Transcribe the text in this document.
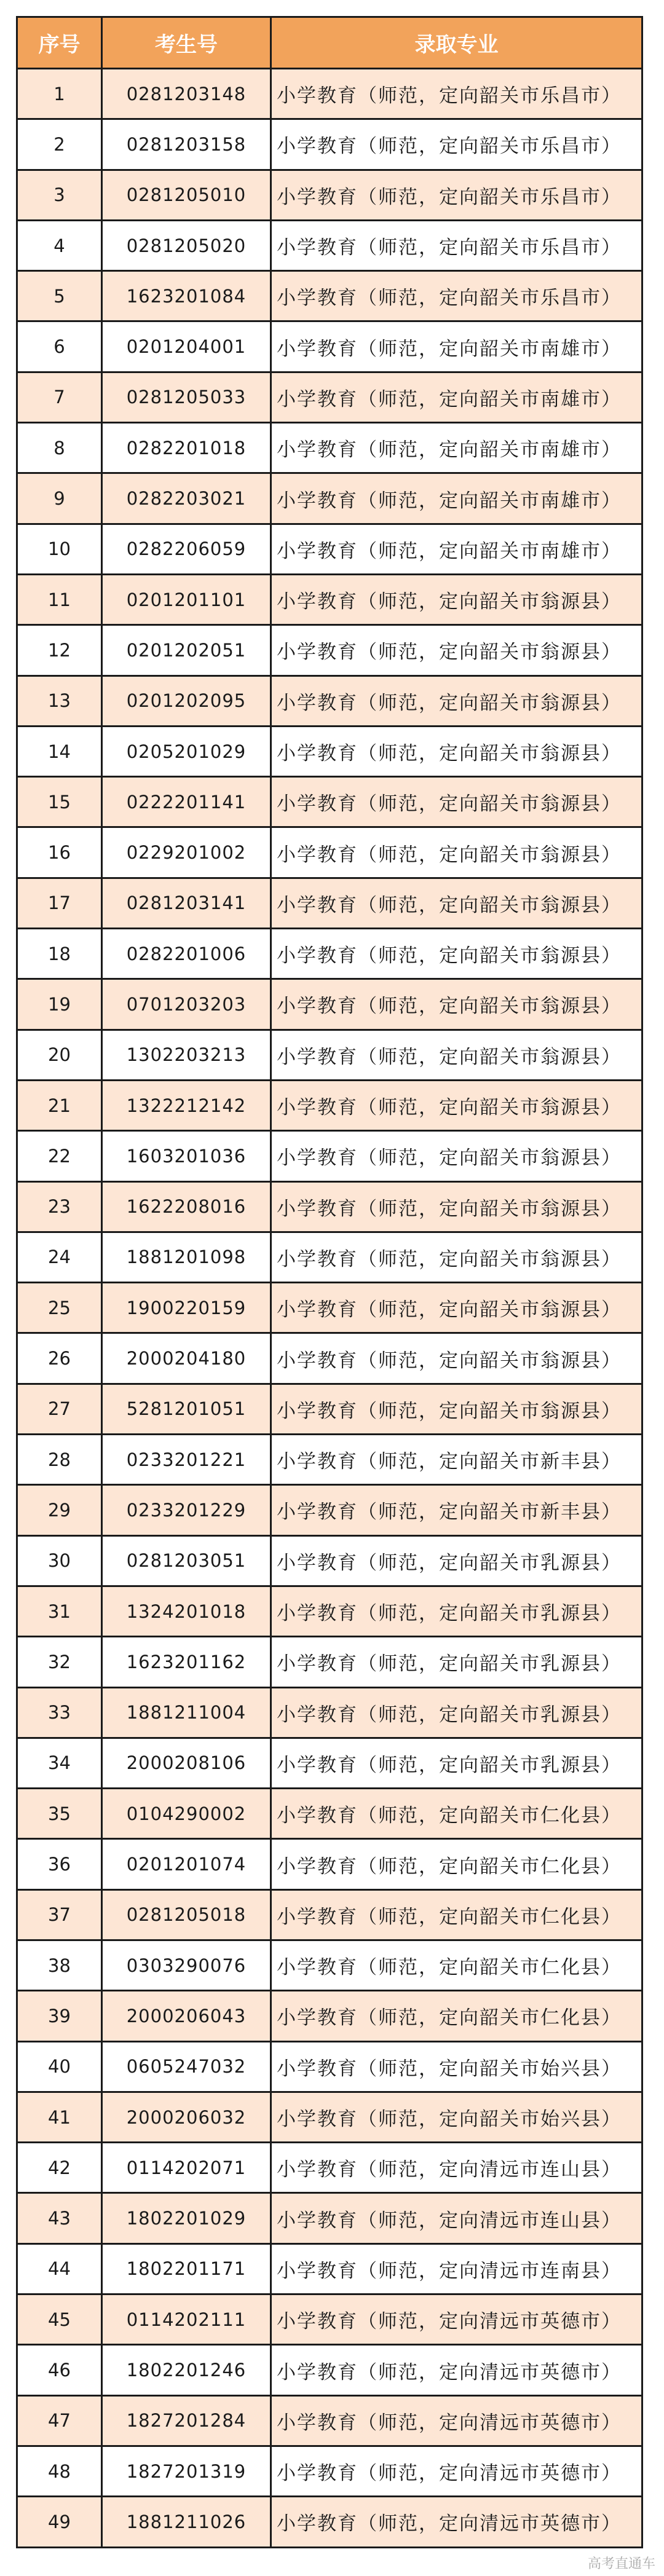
序号	考生号	录取专业
1	0281203148	小学教育（师范，定向韶关市乐昌市）
2	0281203158	小学教育（师范，定向韶关市乐昌市）
3	0281205010	小学教育（师范，定向韶关市乐昌市）
4	0281205020	小学教育（师范，定向韶关市乐昌市）
5	1623201084	小学教育（师范，定向韶关市乐昌市）
6	0201204001	小学教育（师范，定向韶关市南雄市）
7	0281205033	小学教育（师范，定向韶关市南雄市）
8	0282201018	小学教育（师范，定向韶关市南雄市）
9	0282203021	小学教育（师范，定向韶关市南雄市）
10	0282206059	小学教育（师范，定向韶关市南雄市）
11	0201201101	小学教育（师范，定向韶关市翁源县）
12	0201202051	小学教育（师范，定向韶关市翁源县）
13	0201202095	小学教育（师范，定向韶关市翁源县）
14	0205201029	小学教育（师范，定向韶关市翁源县）
15	0222201141	小学教育（师范，定向韶关市翁源县）
16	0229201002	小学教育（师范，定向韶关市翁源县）
17	0281203141	小学教育（师范，定向韶关市翁源县）
18	0282201006	小学教育（师范，定向韶关市翁源县）
19	0701203203	小学教育（师范，定向韶关市翁源县）
20	1302203213	小学教育（师范，定向韶关市翁源县）
21	1322212142	小学教育（师范，定向韶关市翁源县）
22	1603201036	小学教育（师范，定向韶关市翁源县）
23	1622208016	小学教育（师范，定向韶关市翁源县）
24	1881201098	小学教育（师范，定向韶关市翁源县）
25	1900220159	小学教育（师范，定向韶关市翁源县）
26	2000204180	小学教育（师范，定向韶关市翁源县）
27	5281201051	小学教育（师范，定向韶关市翁源县）
28	0233201221	小学教育（师范，定向韶关市新丰县）
29	0233201229	小学教育（师范，定向韶关市新丰县）
30	0281203051	小学教育（师范，定向韶关市乳源县）
31	1324201018	小学教育（师范，定向韶关市乳源县）
32	1623201162	小学教育（师范，定向韶关市乳源县）
33	1881211004	小学教育（师范，定向韶关市乳源县）
34	2000208106	小学教育（师范，定向韶关市乳源县）
35	0104290002	小学教育（师范，定向韶关市仁化县）
36	0201201074	小学教育（师范，定向韶关市仁化县）
37	0281205018	小学教育（师范，定向韶关市仁化县）
38	0303290076	小学教育（师范，定向韶关市仁化县）
39	2000206043	小学教育（师范，定向韶关市仁化县）
40	0605247032	小学教育（师范，定向韶关市始兴县）
41	2000206032	小学教育（师范，定向韶关市始兴县）
42	0114202071	小学教育（师范，定向清远市连山县）
43	1802201029	小学教育（师范，定向清远市连山县）
44	1802201171	小学教育（师范，定向清远市连南县）
45	0114202111	小学教育（师范，定向清远市英德市）
46	1802201246	小学教育（师范，定向清远市英德市）
47	1827201284	小学教育（师范，定向清远市英德市）
48	1827201319	小学教育（师范，定向清远市英德市）
49	1881211026	小学教育（师范，定向清远市英德市）
高考直通车
